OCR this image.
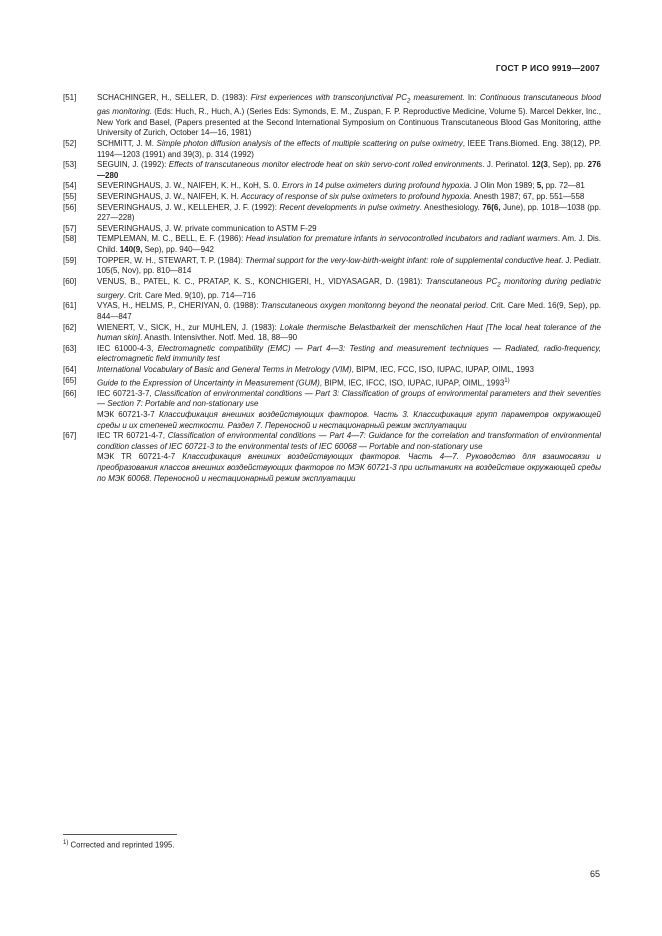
ГОСТ Р ИСО 9919—2007
[51]	SCHACHINGER, H., SELLER, D. (1983): First experiences with transconjunctival $PC_2$ measurement. In: Continuous transcutaneous blood gas monitoring. (Eds: Huch, R., Huch, A.) (Series Eds: Symonds, E. M., Zuspan, F. P. Reproductive Medicine, Volume 5). Marcel Dekker, Inc., New York and Basel, (Papers presented at the Second International Symposium on Continuous Transcutaneous Blood Gas Monitoring, atthe University of Zurich, October 14—16, 1981)
[52]	SCHMITT, J. M. Simple photon diffusion analysis of the effects of multiple scattering on pulse oximetry, IEEE Trans.Biomed. Eng. 38(12), PP. 1194—1203 (1991) and 39(3), p. 314 (1992)
[53]	SEGUIN, J. (1992): Effects of transcutaneous monitor electrode heat on skin servo-cont rolled environments. J. Perinatol. 12(3, Sep), pp. 276—280
[54]	SEVERINGHAUS, J. W., NAIFEH, K. H., KoH, S. 0. Errors in 14 pulse oximeters during profound hypoxia. J Olin Mon 1989; 5, pp. 72—81
[55]	SEVERINGHAUS, J. W., NAIFEH, K. H. Accuracy of response of six pulse oximeters to profound hypoxia. Anesth 1987; 67, pp. 551—558
[56]	SEVERINGHAUS, J. W., KELLEHER, J. F. (1992): Recent developments in pulse oximetry. Anesthesiology. 76(6, June), pp. 1018—1038 (pp. 227—228)
[57]	SEVERINGHAUS, J. W. private communication to ASTM F-29
[58]	TEMPLEMAN, M. C., BELL, E. F. (1986): Head insulation for premature infants in servocontrolled incubators and radiant warmers. Am. J. Dis. Child. 140(9, Sep), pp. 940—942
[59]	TOPPER, W. H., STEWART, T. P. (1984): Thermal support for the very-low-birth-weight infant: role of supplemental conductive heat. J. Pediatr. 105(5, Nov), pp. 810—814
[60]	VENUS, B., PATEL, K. C., PRATAP, K. S., KONCHIGERI, H., VIDYASAGAR, D. (1981): Transcutaneous $PC_2$ monitoring during pediatric surgery. Crit. Care Med. 9(10), pp. 714—716
[61]	VYAS, H., HELMS, P., CHERIYAN, 0. (1988): Transcutaneous oxygen monitonng beyond the neonatal period. Crit. Care Med. 16(9, Sep), pp. 844—847
[62]	WIENERT, V., SICK, H., zur MUHLEN, J. (1983): Lokale thermische Belastbarkeit der menschlichen Haut [The local heat tolerance of the human skin]. Anasth. Intensivther. Notf. Med. 18, 88—90
[63]	IEC 61000-4-3, Electromagnetic compatibility (EMC) — Part 4—3: Testing and measurement techniques — Radiated, radio-frequency, electromagnetic field immunity test
[64]	International Vocabulary of Basic and General Terms in Metrology (VIM), BIPM, IEC, FCC, ISO, IUPAC, IUPAP, OIML, 1993
[65]	Guide to the Expression of Uncertainty in Measurement (GUM), BIPM, IEC, IFCC, ISO, IUPAC, IUPAP, OIML, 1993$^{1)}$
[66]	IEC 60721-3-7, Classification of environmental conditions — Part 3: Classification of groups of environmental parameters and their seventies — Section 7: Portable and non-stationary use
МЭК 60721-3-7 Классификация внешних воздействующих факторов. Часть 3. Классификация групп параметров окружающей среды и их степеней жесткости. Раздел 7. Переносной и нестационарный режим эксплуатации
[67]	IEC TR 60721-4-7, Classification of environmental conditions — Part 4—7: Guidance for the correlation and transformation of environmental condition classes of IEC 60721-3 to the environmental tests of IEC 60068 — Portable and non-stationary use
МЭК TR 60721-4-7 Классификация внешних воздействующих факторов. Часть 4—7. Руководство для взаимосвязи и преобразования классов внешних воздействующих факторов по МЭК 60721-3 при испытаниях на воздействие окружающей среды по МЭК 60068. Переносной и нестационарный режим эксплуатации
$^{1)}$ Corrected and reprinted 1995.
65
